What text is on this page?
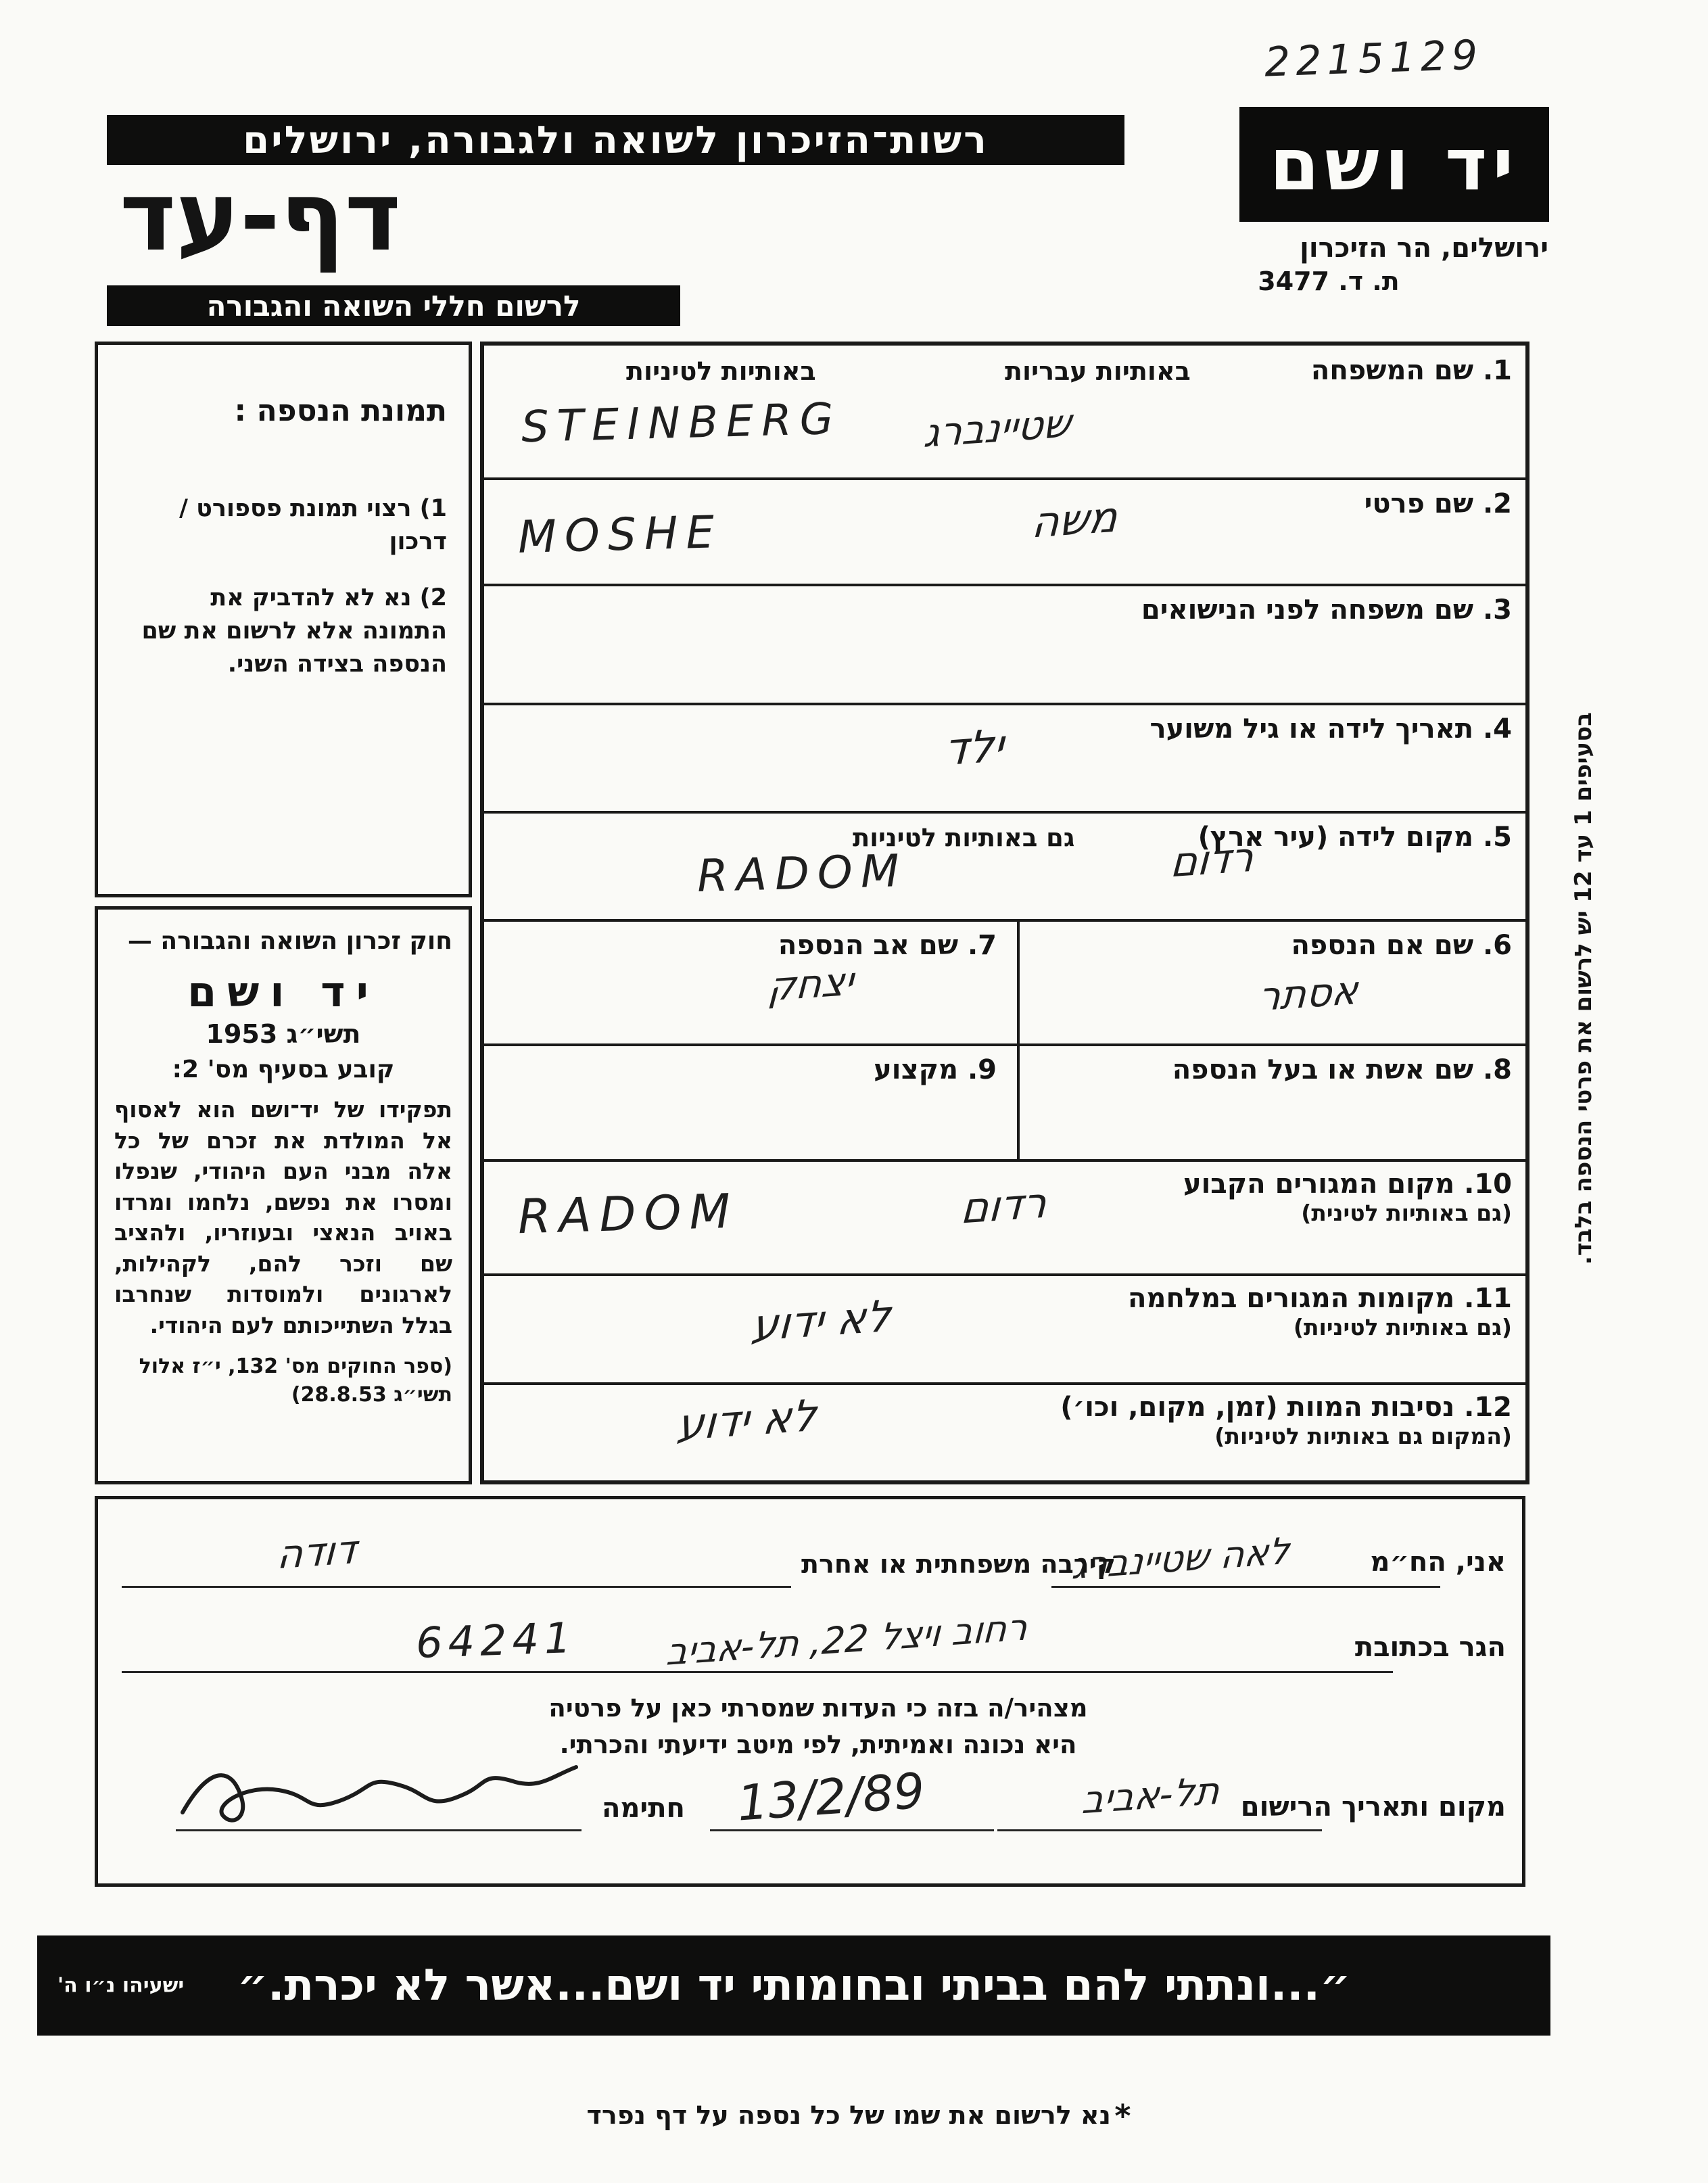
2215129
רשות־הזיכרון לשואה ולגבורה, ירושלים
דף-עד
לרשום חללי השואה והגבורה
יד ושם
ירושלים, הר הזיכרון
ת. ד. 3477
תמונת הנספה :
1) רצוי תמונת פספורט / דרכון
2) נא לא להדביק את התמונה אלא לרשום את שם הנספה בצידה השני.
חוק זכרון השואה והגבורה —
יד ושם
תשי״ג 1953
קובע בסעיף מס' 2:
תפקידו של יד־ושם הוא לאסוף אל המולדת את זכרם של כל אלה מבני העם היהודי, שנפלו ומסרו את נפשם, נלחמו ומרדו באויב הנאצי ובעוזריו, ולהציב שם וזכר להם, לקהילות, לארגונים ולמוסדות שנחרבו בגלל השתייכותם לעם היהודי.
(ספר החוקים מס' 132, י״ז אלול תשי״ג 28.8.53)
1. שם המשפחה
באותיות עבריות
באותיות לטיניות
STEINBERG שטיינברג
2. שם פרטי
MOSHE	משה
3. שם משפחה לפני הנישואים
4. תאריך לידה או גיל משוער
ילד
5. מקום לידה (עיר ארץ)
גם באותיות לטיניות
RADOM	רדום
6. שם אם הנספה
אסתר
7. שם אב הנספה
יצחק
8. שם אשת או בעל הנספה
9. מקצוע
10. מקום המגורים הקבוע
(גם באותיות לטינית)
RADOM	רדום
11. מקומות המגורים במלחמה
(גם באותיות לטיניות)
לא ידוע
12. נסיבות המוות (זמן, מקום, וכו׳)
(המקום גם באותיות לטיניות)
לא ידוע
בסעיפים 1 עד 12 יש לרשום את פרטי הנספה בלבד.
אני, הח״מ
לאה שטיינברג
קירבה משפחתית או אחרת
דודה
הגר בכתובת
רחוב ויצל 22, תל-אביב
64241
מצהיר/ה בזה כי העדות שמסרתי כאן על פרטיה
היא נכונה ואמיתית, לפי מיטב ידיעתי והכרתי.
מקום ותאריך הרישום
תל-אביב
13/2/89
חתימה
״...ונתתי להם בביתי ובחומותי יד ושם...אשר לא יכרת.״
ישעיהו נ״ו ה'
* נא לרשום את שמו של כל נספה על דף נפרד
